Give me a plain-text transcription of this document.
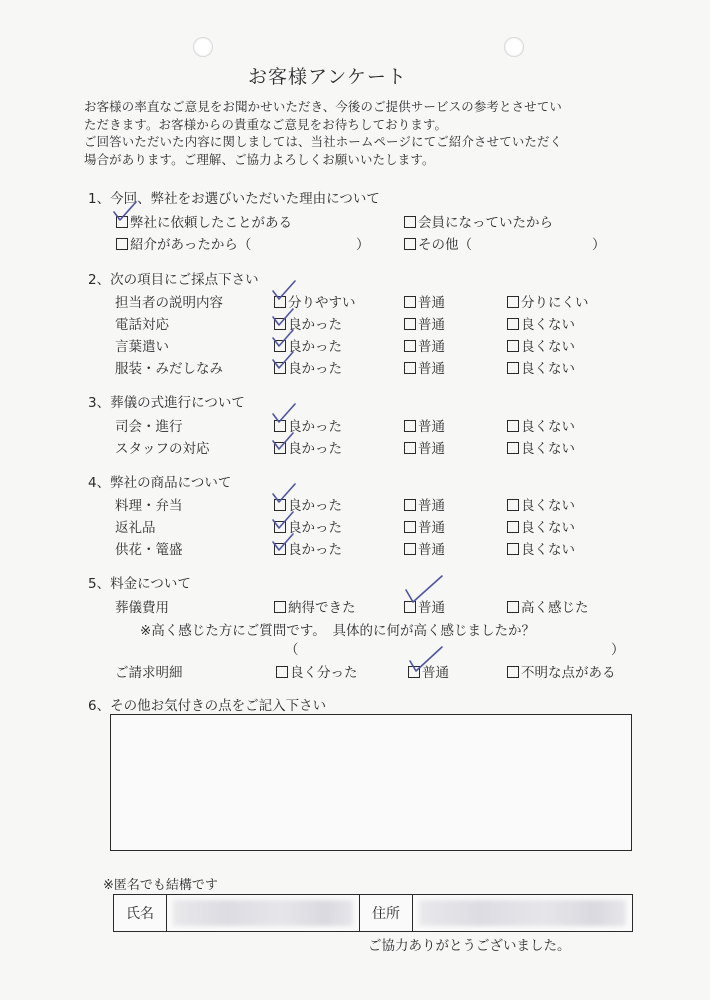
お客様アンケート
お客様の率直なご意見をお聞かせいただき、今後のご提供サービスの参考とさせてい
ただきます。お客様からの貴重なご意見をお待ちしております。
ご回答いただいた内容に関しましては、当社ホームページにてご紹介させていただく
場合があります。ご理解、ご協力よろしくお願いいたします。
1、今回、弊社をお選びいただいた理由について
弊社に依頼したことがある	会員になっていたから
紹介があったから（	）	その他（	）
2、次の項目にご採点下さい
担当者の説明内容	分りやすい	普通	分りにくい
電話対応	良かった	普通	良くない
言葉遣い	良かった	普通	良くない
服装・みだしなみ	良かった	普通	良くない
3、葬儀の式進行について
司会・進行	良かった	普通	良くない
スタッフの対応	良かった	普通	良くない
4、弊社の商品について
料理・弁当	良かった	普通	良くない
返礼品	良かった	普通	良くない
供花・篭盛	良かった	普通	良くない
5、料金について
葬儀費用	納得できた	普通	高く感じた
※高く感じた方にご質問です。　具体的に何が高く感じましたか？
（	）
ご請求明細	良く分った	普通	不明な点がある
6、その他お気付きの点をご記入下さい
※匿名でも結構です
氏名	住所
ご協力ありがとうございました。
